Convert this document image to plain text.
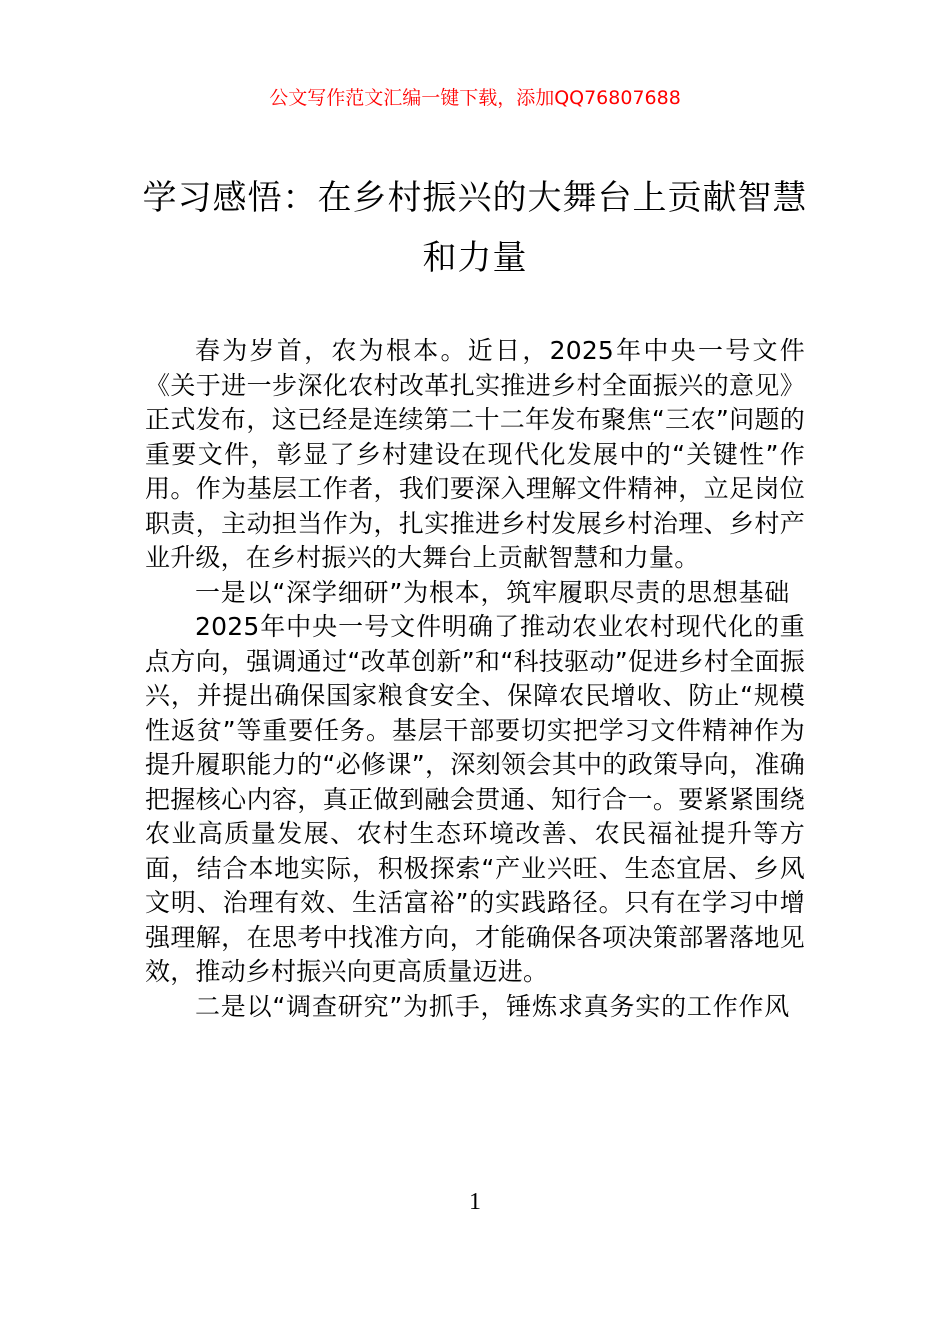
公文写作范文汇编一键下载，添加QQ76807688
学习感悟：在乡村振兴的大舞台上贡献智慧和力量

春为岁首，农为根本。近日，2025年中央一号文件《关于进一步深化农村改革扎实推进乡村全面振兴的意见》正式发布，这已经是连续第二十二年发布聚焦“三农”问题的重要文件，彰显了乡村建设在现代化发展中的“关键性”作用。作为基层工作者，我们要深入理解文件精神，立足岗位职责，主动担当作为，扎实推进乡村发展乡村治理、乡村产业升级，在乡村振兴的大舞台上贡献智慧和力量。

一是以“深学细研”为根本，筑牢履职尽责的思想基础

2025年中央一号文件明确了推动农业农村现代化的重点方向，强调通过“改革创新”和“科技驱动”促进乡村全面振兴，并提出确保国家粮食安全、保障农民增收、防止“规模性返贫”等重要任务。基层干部要切实把学习文件精神作为提升履职能力的“必修课”，深刻领会其中的政策导向，准确把握核心内容，真正做到融会贯通、知行合一。要紧紧围绕农业高质量发展、农村生态环境改善、农民福祉提升等方面，结合本地实际，积极探索“产业兴旺、生态宜居、乡风文明、治理有效、生活富裕”的实践路径。只有在学习中增强理解，在思考中找准方向，才能确保各项决策部署落地见效，推动乡村振兴向更高质量迈进。

二是以“调查研究”为抓手，锤炼求真务实的工作作风

1
